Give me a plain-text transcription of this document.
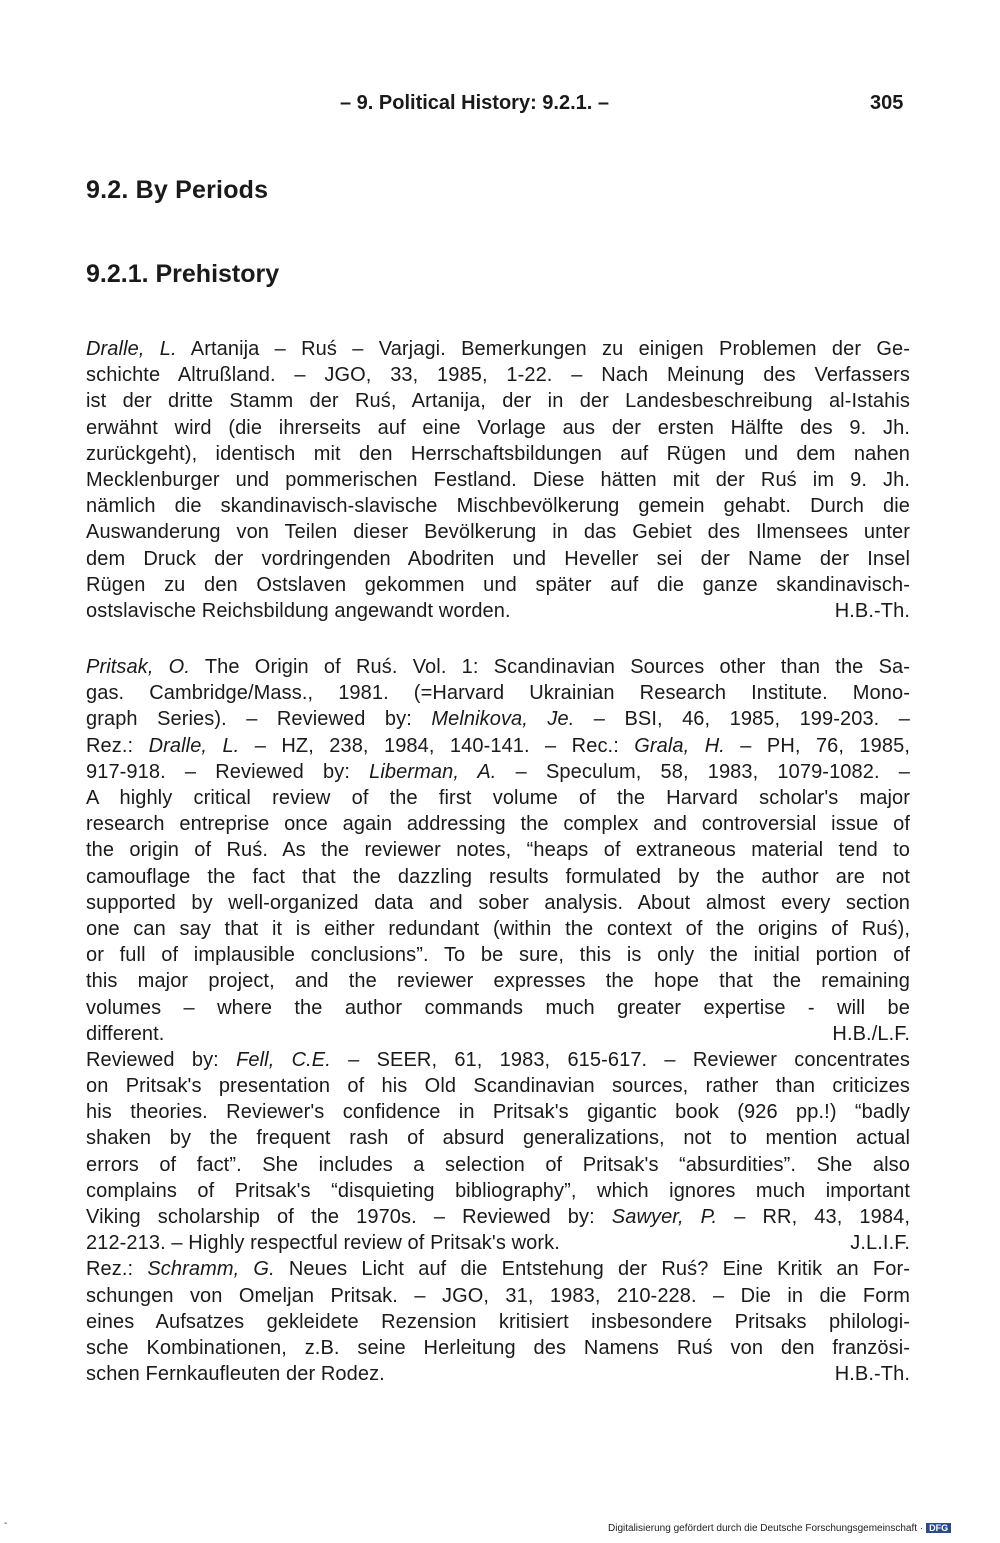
– 9. Political History: 9.2.1. –	305
9.2. By Periods
9.2.1. Prehistory
Dralle, L. Artanija – Ruś – Varjagi. Bemerkungen zu einigen Problemen der Ge-
schichte Altrußland. – JGO, 33, 1985, 1-22. – Nach Meinung des Verfassers
ist der dritte Stamm der Ruś, Artanija, der in der Landesbeschreibung al-Istahis
erwähnt wird (die ihrerseits auf eine Vorlage aus der ersten Hälfte des 9. Jh.
zurückgeht), identisch mit den Herrschaftsbildungen auf Rügen und dem nahen
Mecklenburger und pommerischen Festland. Diese hätten mit der Ruś im 9. Jh.
nämlich die skandinavisch-slavische Mischbevölkerung gemein gehabt. Durch die
Auswanderung von Teilen dieser Bevölkerung in das Gebiet des Ilmensees unter
dem Druck der vordringenden Abodriten und Heveller sei der Name der Insel
Rügen zu den Ostslaven gekommen und später auf die ganze skandinavisch-
ostslavische Reichsbildung angewandt worden.	H.B.-Th.
Pritsak, O. The Origin of Ruś. Vol. 1: Scandinavian Sources other than the Sa-
gas. Cambridge/Mass., 1981. (=Harvard Ukrainian Research Institute. Mono-
graph Series). – Reviewed by: Melnikova, Je. – BSI, 46, 1985, 199-203. –
Rez.: Dralle, L. – HZ, 238, 1984, 140-141. – Rec.: Grala, H. – PH, 76, 1985,
917-918. – Reviewed by: Liberman, A. – Speculum, 58, 1983, 1079-1082. –
A highly critical review of the first volume of the Harvard scholar's major
research entreprise once again addressing the complex and controversial issue of
the origin of Ruś. As the reviewer notes, “heaps of extraneous material tend to
camouflage the fact that the dazzling results formulated by the author are not
supported by well-organized data and sober analysis. About almost every section
one can say that it is either redundant (within the context of the origins of Ruś),
or full of implausible conclusions”. To be sure, this is only the initial portion of
this major project, and the reviewer expresses the hope that the remaining
volumes – where the author commands much greater expertise - will be
different.	H.B./L.F.
Reviewed by: Fell, C.E. – SEER, 61, 1983, 615-617. – Reviewer concentrates
on Pritsak's presentation of his Old Scandinavian sources, rather than criticizes
his theories. Reviewer's confidence in Pritsak's gigantic book (926 pp.!) “badly
shaken by the frequent rash of absurd generalizations, not to mention actual
errors of fact”. She includes a selection of Pritsak's “absurdities”. She also
complains of Pritsak's “disquieting bibliography”, which ignores much important
Viking scholarship of the 1970s. – Reviewed by: Sawyer, P. – RR, 43, 1984,
212-213. – Highly respectful review of Pritsak's work.	J.L.I.F.
Rez.: Schramm, G. Neues Licht auf die Entstehung der Ruś? Eine Kritik an For-
schungen von Omeljan Pritsak. – JGO, 31, 1983, 210-228. – Die in die Form
eines Aufsatzes gekleidete Rezension kritisiert insbesondere Pritsaks philologi-
sche Kombinationen, z.B. seine Herleitung des Namens Ruś von den französi-
schen Fernkaufleuten der Rodez.	H.B.-Th.
-	Digitalisierung gefördert durch die Deutsche Forschungsgemeinschaft · DFG
